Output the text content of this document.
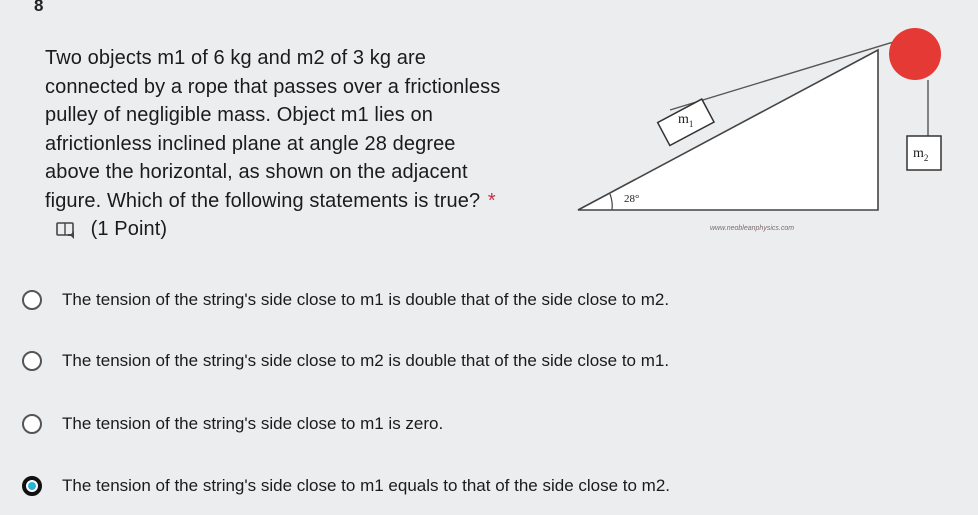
8
Two objects m1 of 6 kg and m2 of 3 kg are connected by a rope that passes over a frictionless pulley of negligible mass. Object m1 lies on africtionless inclined plane at angle 28 degree above the horizontal, as shown on the adjacent figure. Which of the following statements is true? *  (1 Point)
$m_1$
$m_2$
28°
www.neobleanphysics.com
The tension of the string's side close to m1 is double that of the side close to m2.
The tension of the string's side close to m2 is double that of the side close to m1.
The tension of the string's side close to m1 is zero.
The tension of the string's side close to m1 equals to that of the side close to m2.
